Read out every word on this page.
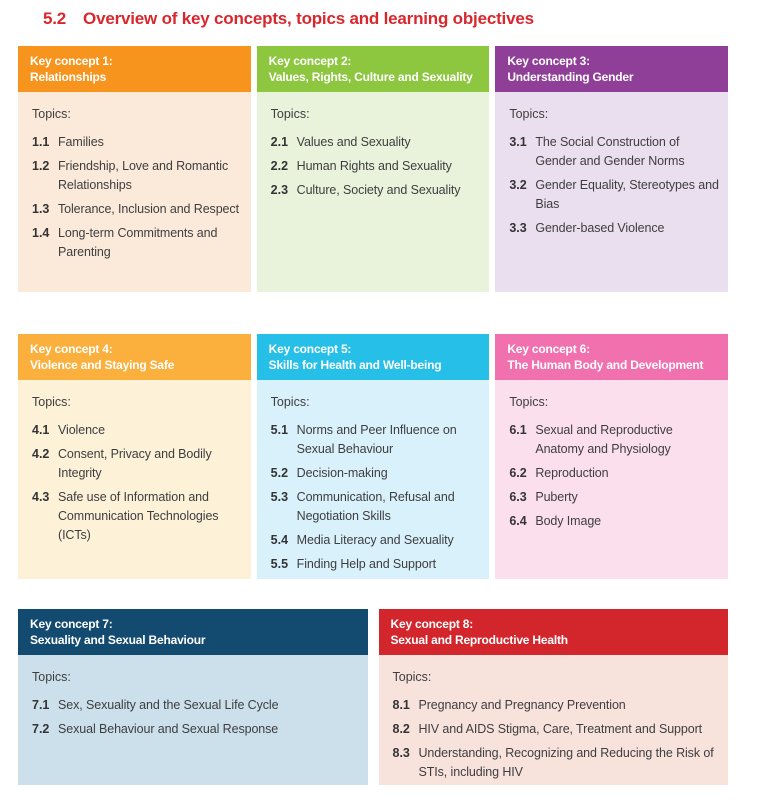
5.2 Overview of key concepts, topics and learning objectives
Key concept 1:
Relationships
Topics:
1.1 Families
1.2 Friendship, Love and Romantic Relationships
1.3 Tolerance, Inclusion and Respect
1.4 Long-term Commitments and Parenting
Key concept 2:
Values, Rights, Culture and Sexuality
Topics:
2.1 Values and Sexuality
2.2 Human Rights and Sexuality
2.3 Culture, Society and Sexuality
Key concept 3:
Understanding Gender
Topics:
3.1 The Social Construction of Gender and Gender Norms
3.2 Gender Equality, Stereotypes and Bias
3.3 Gender-based Violence
Key concept 4:
Violence and Staying Safe
Topics:
4.1 Violence
4.2 Consent, Privacy and Bodily Integrity
4.3 Safe use of Information and Communication Technologies (ICTs)
Key concept 5:
Skills for Health and Well-being
Topics:
5.1 Norms and Peer Influence on Sexual Behaviour
5.2 Decision-making
5.3 Communication, Refusal and Negotiation Skills
5.4 Media Literacy and Sexuality
5.5 Finding Help and Support
Key concept 6:
The Human Body and Development
Topics:
6.1 Sexual and Reproductive Anatomy and Physiology
6.2 Reproduction
6.3 Puberty
6.4 Body Image
Key concept 7:
Sexuality and Sexual Behaviour
Topics:
7.1 Sex, Sexuality and the Sexual Life Cycle
7.2 Sexual Behaviour and Sexual Response
Key concept 8:
Sexual and Reproductive Health
Topics:
8.1 Pregnancy and Pregnancy Prevention
8.2 HIV and AIDS Stigma, Care, Treatment and Support
8.3 Understanding, Recognizing and Reducing the Risk of STIs, including HIV
